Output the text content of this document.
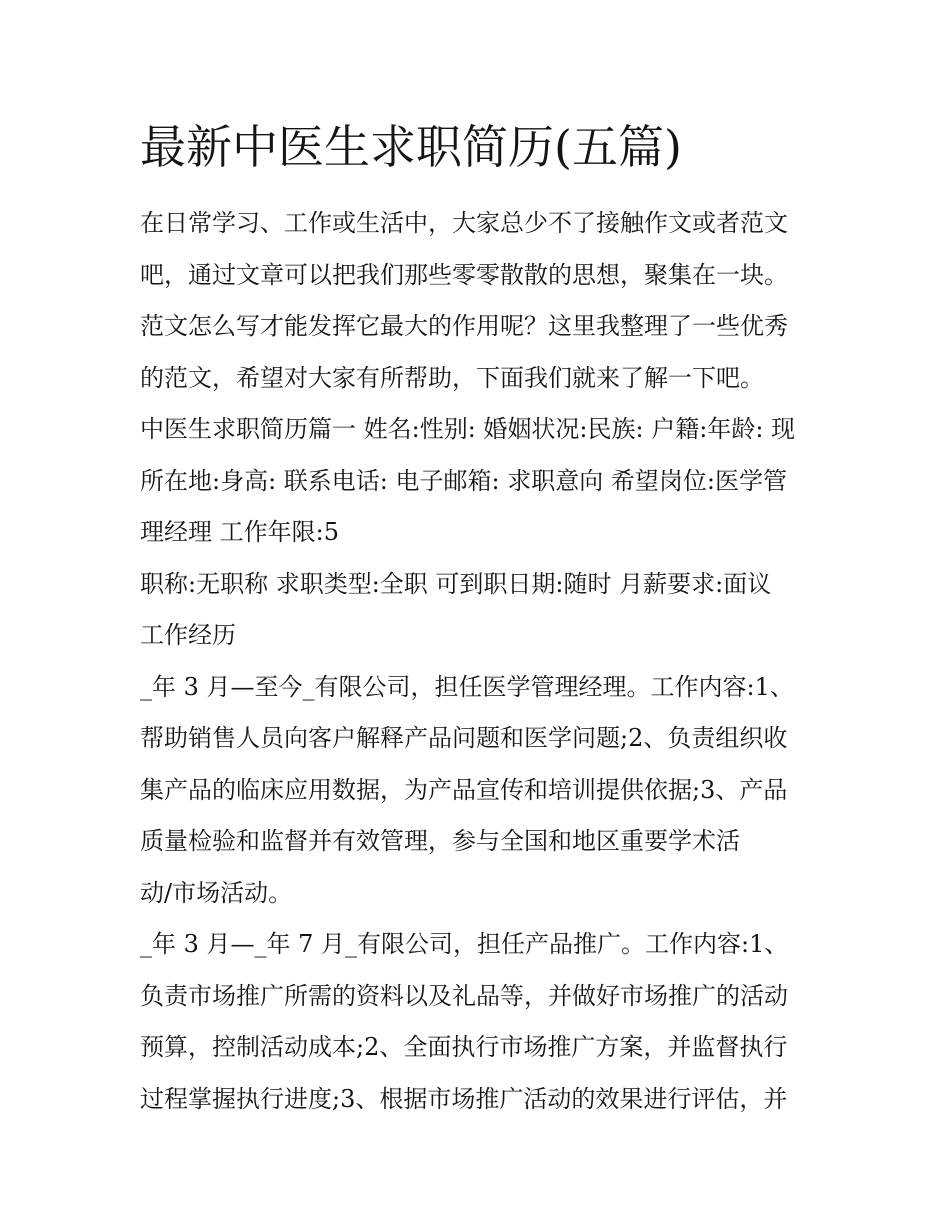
最新中医生求职简历(五篇)

在日常学习、工作或生活中，大家总少不了接触作文或者范文

吧，通过文章可以把我们那些零零散散的思想，聚集在一块。

范文怎么写才能发挥它最大的作用呢？这里我整理了一些优秀

的范文，希望对大家有所帮助，下面我们就来了解一下吧。

中医生求职简历篇一 姓名:性别: 婚姻状况:民族: 户籍:年龄: 现

所在地:身高: 联系电话: 电子邮箱: 求职意向 希望岗位:医学管

理经理 工作年限:5

职称:无职称 求职类型:全职 可到职日期:随时 月薪要求:面议

工作经历

_年 3 月—至今_有限公司，担任医学管理经理。工作内容:1、

帮助销售人员向客户解释产品问题和医学问题;2、负责组织收

集产品的临床应用数据，为产品宣传和培训提供依据;3、产品

质量检验和监督并有效管理，参与全国和地区重要学术活

动/市场活动。

_年 3 月—_年 7 月_有限公司，担任产品推广。工作内容:1、

负责市场推广所需的资料以及礼品等，并做好市场推广的活动

预算，控制活动成本;2、全面执行市场推广方案，并监督执行

过程掌握执行进度;3、根据市场推广活动的效果进行评估，并
